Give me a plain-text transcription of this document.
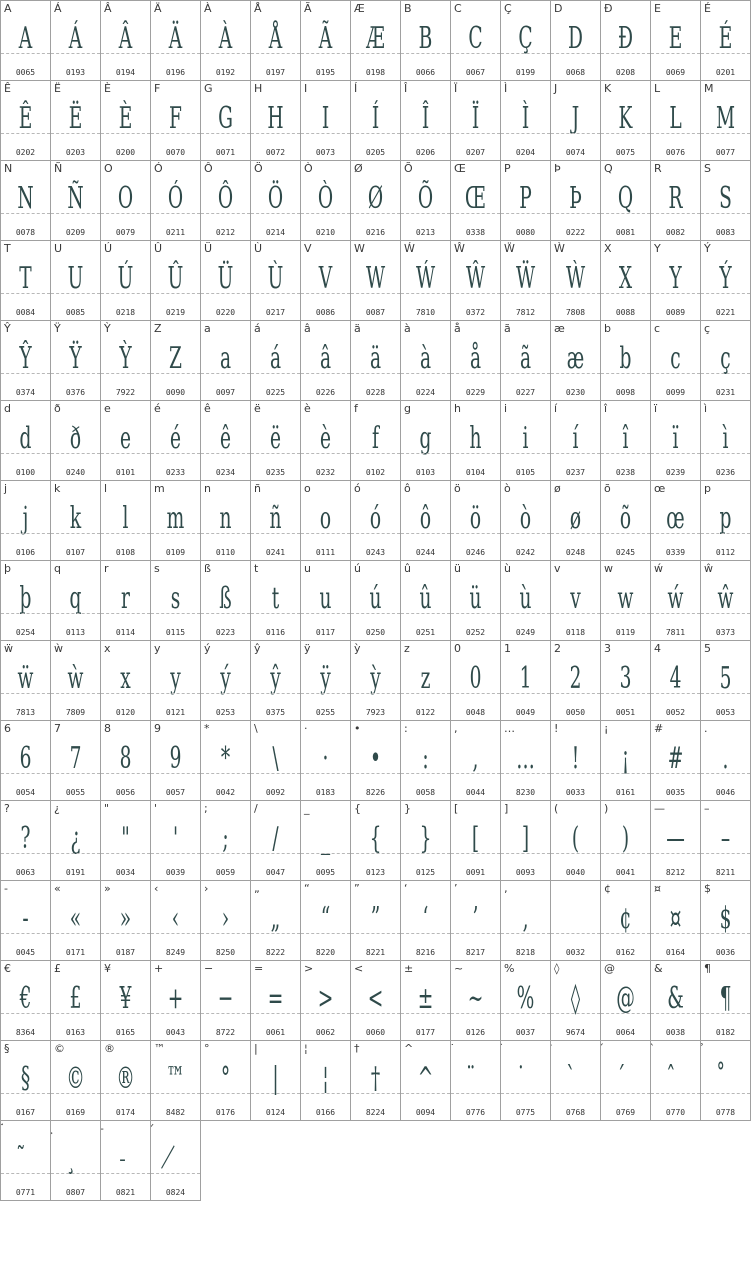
A
A
0065
Á
Á
0193
Â
Â
0194
Ä
Ä
0196
À
À
0192
Å
Å
0197
Ã
Ã
0195
Æ
Æ
0198
B
B
0066
C
C
0067
Ç
Ç
0199
D
D
0068
Đ
Đ
0208
E
E
0069
É
É
0201
Ê
Ê
0202
Ë
Ë
0203
È
È
0200
F
F
0070
G
G
0071
H
H
0072
I
I
0073
Í
Í
0205
Î
Î
0206
Ï
Ï
0207
Ì
Ì
0204
J
J
0074
K
K
0075
L
L
0076
M
M
0077
N
N
0078
Ñ
Ñ
0209
O
O
0079
Ó
Ó
0211
Ô
Ô
0212
Ö
Ö
0214
Ò
Ò
0210
Ø
Ø
0216
Õ
Õ
0213
Œ
Œ
0338
P
P
0080
Þ
Þ
0222
Q
Q
0081
R
R
0082
S
S
0083
T
T
0084
U
U
0085
Ú
Ú
0218
Û
Û
0219
Ü
Ü
0220
Ù
Ù
0217
V
V
0086
W
W
0087
Ẃ
Ẃ
7810
Ŵ
Ŵ
0372
Ẅ
Ẅ
7812
Ẁ
Ẁ
7808
X
X
0088
Y
Y
0089
Ý
Ý
0221
Ŷ
Ŷ
0374
Ÿ
Ÿ
0376
Ỳ
Ỳ
7922
Z
Z
0090
a
a
0097
á
á
0225
â
â
0226
ä
ä
0228
à
à
0224
å
å
0229
ã
ã
0227
æ
æ
0230
b
b
0098
c
c
0099
ç
ç
0231
d
d
0100
ð
ð
0240
e
e
0101
é
é
0233
ê
ê
0234
ë
ë
0235
è
è
0232
f
f
0102
g
g
0103
h
h
0104
i
i
0105
í
í
0237
î
î
0238
ï
ï
0239
ì
ì
0236
j
j
0106
k
k
0107
l
l
0108
m
m
0109
n
n
0110
ñ
ñ
0241
o
o
0111
ó
ó
0243
ô
ô
0244
ö
ö
0246
ò
ò
0242
ø
ø
0248
õ
õ
0245
œ
œ
0339
p
p
0112
þ
þ
0254
q
q
0113
r
r
0114
s
s
0115
ß
ß
0223
t
t
0116
u
u
0117
ú
ú
0250
û
û
0251
ü
ü
0252
ù
ù
0249
v
v
0118
w
w
0119
ẃ
ẃ
7811
ŵ
ŵ
0373
ẅ
ẅ
7813
ẁ
ẁ
7809
x
x
0120
y
y
0121
ý
ý
0253
ŷ
ŷ
0375
ÿ
ÿ
0255
ỳ
ỳ
7923
z
z
0122
0
0
0048
1
1
0049
2
2
0050
3
3
0051
4
4
0052
5
5
0053
6
6
0054
7
7
0055
8
8
0056
9
9
0057
*
*
0042
\
\
0092
·
·
0183
•
•
8226
:
:
0058
,
,
0044
…
…
8230
!
!
0033
¡
¡
0161
#
#
0035
.
.
0046
?
?
0063
¿
¿
0191
"
"
0034
'
'
0039
;
;
0059
/
/
0047
_
_
0095
{
{
0123
}
}
0125
[
[
0091
]
]
0093
(
(
0040
)
)
0041
—
—
8212
–
–
8211
-
-
0045
«
«
0171
»
»
0187
‹
‹
8249
›
›
8250
„
„
8222
“
“
8220
”
”
8221
‘
‘
8216
’
’
8217
‚
‚
8218	0032
¢
¢
0162
¤
¤
0164
$
$
0036
€
€
8364
£
£
0163
¥
¥
0165
+
+
0043
−
−
8722
=
=
0061
>
>
0062
<
<
0060
±
±
0177
~
~
0126
%
%
0037
◊
◊
9674
@
@
0064
&
&
0038
¶
¶
0182
§
§
0167
©
©
0169
®
®
0174
™
™
8482
°
°
0176
|
|
0124
¦
¦
0166
†
†
8224
^
^
0094	0776	0775	0768	0769	0770	0778
0771	0807	0821	0824
